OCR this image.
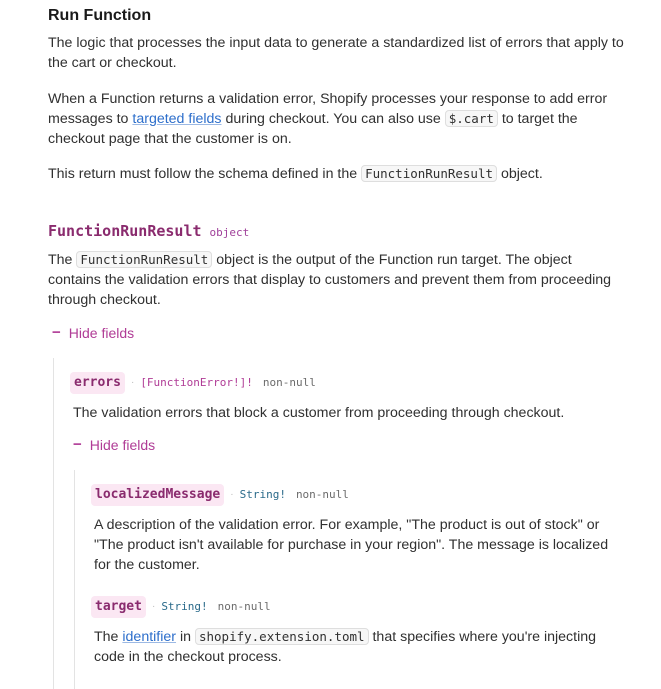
Run Function

The logic that processes the input data to generate a standardized list of errors that apply to the cart or checkout.

When a Function returns a validation error, Shopify processes your response to add error messages to targeted fields during checkout. You can also use $.cart to target the checkout page that the customer is on.

This return must follow the schema defined in the FunctionRunResult object.

FunctionRunResult object

The FunctionRunResult object is the output of the Function run target. The object contains the validation errors that display to customers and prevent them from proceeding through checkout.

− Hide fields
errors	· [FunctionError!]! non-null

The validation errors that block a customer from proceeding through checkout.

− Hide fields
localizedMessage	· String! non-null

A description of the validation error. For example, "The product is out of stock" or "The product isn't available for purchase in your region". The message is localized for the customer.

target	· String! non-null

The identifier in shopify.extension.toml that specifies where you're injecting code in the checkout process.
